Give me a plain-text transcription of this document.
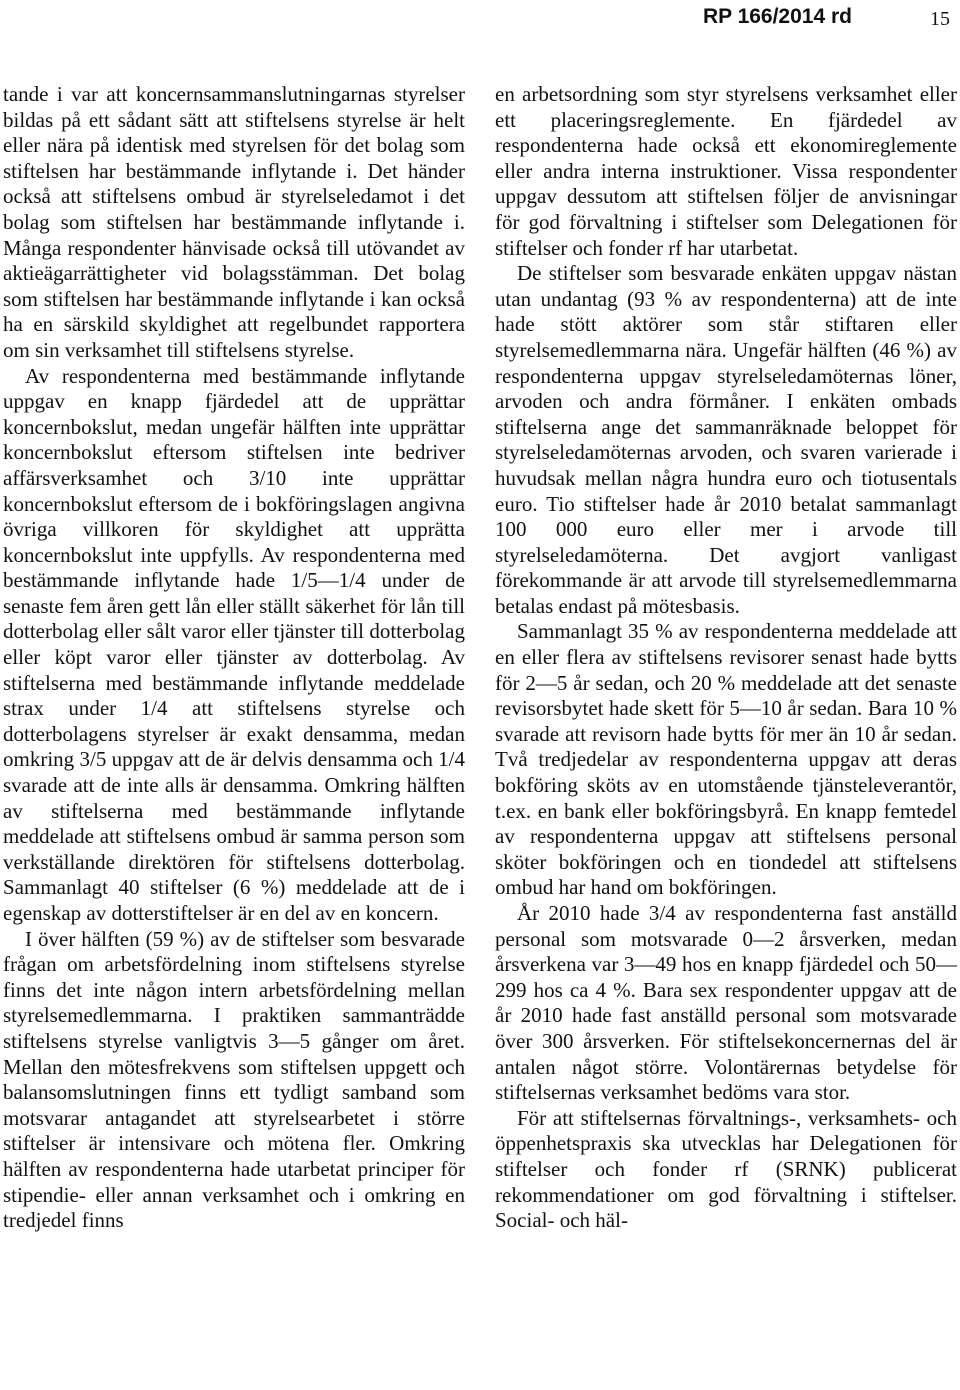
RP 166/2014 rd	15

tande i var att koncernsammanslutningarnas styrelser bildas på ett sådant sätt att stiftelsens styrelse är helt eller nära på identisk med styrelsen för det bolag som stiftelsen har bestämmande inflytande i. Det händer också att stiftelsens ombud är styrelseledamot i det bolag som stiftelsen har bestämmande inflytande i. Många respondenter hänvisade också till utövandet av aktieägarrättigheter vid bolagsstämman. Det bolag som stiftelsen har bestämmande inflytande i kan också ha en särskild skyldighet att regelbundet rapportera om sin verksamhet till stiftelsens styrelse.

Av respondenterna med bestämmande inflytande uppgav en knapp fjärdedel att de upprättar koncernbokslut, medan ungefär hälften inte upprättar koncernbokslut eftersom stiftelsen inte bedriver affärsverksamhet och 3/10 inte upprättar koncernbokslut eftersom de i bokföringslagen angivna övriga villkoren för skyldighet att upprätta koncernbokslut inte uppfylls. Av respondenterna med bestämmande inflytande hade 1/5—1/4 under de senaste fem åren gett lån eller ställt säkerhet för lån till dotterbolag eller sålt varor eller tjänster till dotterbolag eller köpt varor eller tjänster av dotterbolag. Av stiftelserna med bestämmande inflytande meddelade strax under 1/4 att stiftelsens styrelse och dotterbolagens styrelser är exakt densamma, medan omkring 3/5 uppgav att de är delvis densamma och 1/4 svarade att de inte alls är densamma. Omkring hälften av stiftelserna med bestämmande inflytande meddelade att stiftelsens ombud är samma person som verkställande direktören för stiftelsens dotterbolag. Sammanlagt 40 stiftelser (6 %) meddelade att de i egenskap av dotterstiftelser är en del av en koncern.

I över hälften (59 %) av de stiftelser som besvarade frågan om arbetsfördelning inom stiftelsens styrelse finns det inte någon intern arbetsfördelning mellan styrelsemedlemmarna. I praktiken sammanträdde stiftelsens styrelse vanligtvis 3—5 gånger om året. Mellan den mötesfrekvens som stiftelsen uppgett och balansomslutningen finns ett tydligt samband som motsvarar antagandet att styrelsearbetet i större stiftelser är intensivare och mötena fler. Omkring hälften av respondenterna hade utarbetat principer för stipendie- eller annan verksamhet och i omkring en tredjedel finns

en arbetsordning som styr styrelsens verksamhet eller ett placeringsreglemente. En fjärdedel av respondenterna hade också ett ekonomireglemente eller andra interna instruktioner. Vissa respondenter uppgav dessutom att stiftelsen följer de anvisningar för god förvaltning i stiftelser som Delegationen för stiftelser och fonder rf har utarbetat.

De stiftelser som besvarade enkäten uppgav nästan utan undantag (93 % av respondenterna) att de inte hade stött aktörer som står stiftaren eller styrelsemedlemmarna nära. Ungefär hälften (46 %) av respondenterna uppgav styrelseledamöternas löner, arvoden och andra förmåner. I enkäten ombads stiftelserna ange det sammanräknade beloppet för styrelseledamöternas arvoden, och svaren varierade i huvudsak mellan några hundra euro och tiotusentals euro. Tio stiftelser hade år 2010 betalat sammanlagt 100 000 euro eller mer i arvode till styrelseledamöterna. Det avgjort vanligast förekommande är att arvode till styrelsemedlemmarna betalas endast på mötesbasis.

Sammanlagt 35 % av respondenterna meddelade att en eller flera av stiftelsens revisorer senast hade bytts för 2—5 år sedan, och 20 % meddelade att det senaste revisorsbytet hade skett för 5—10 år sedan. Bara 10 % svarade att revisorn hade bytts för mer än 10 år sedan. Två tredjedelar av respondenterna uppgav att deras bokföring sköts av en utomstående tjänsteleverantör, t.ex. en bank eller bokföringsbyrå. En knapp femtedel av respondenterna uppgav att stiftelsens personal sköter bokföringen och en tiondedel att stiftelsens ombud har hand om bokföringen.

År 2010 hade 3/4 av respondenterna fast anställd personal som motsvarade 0—2 årsverken, medan årsverkena var 3—49 hos en knapp fjärdedel och 50—299 hos ca 4 %. Bara sex respondenter uppgav att de år 2010 hade fast anställd personal som motsvarade över 300 årsverken. För stiftelsekoncernernas del är antalen något större. Volontärernas betydelse för stiftelsernas verksamhet bedöms vara stor.

För att stiftelsernas förvaltnings-, verksamhets- och öppenhetspraxis ska utvecklas har Delegationen för stiftelser och fonder rf (SRNK) publicerat rekommendationer om god förvaltning i stiftelser. Social- och häl-
